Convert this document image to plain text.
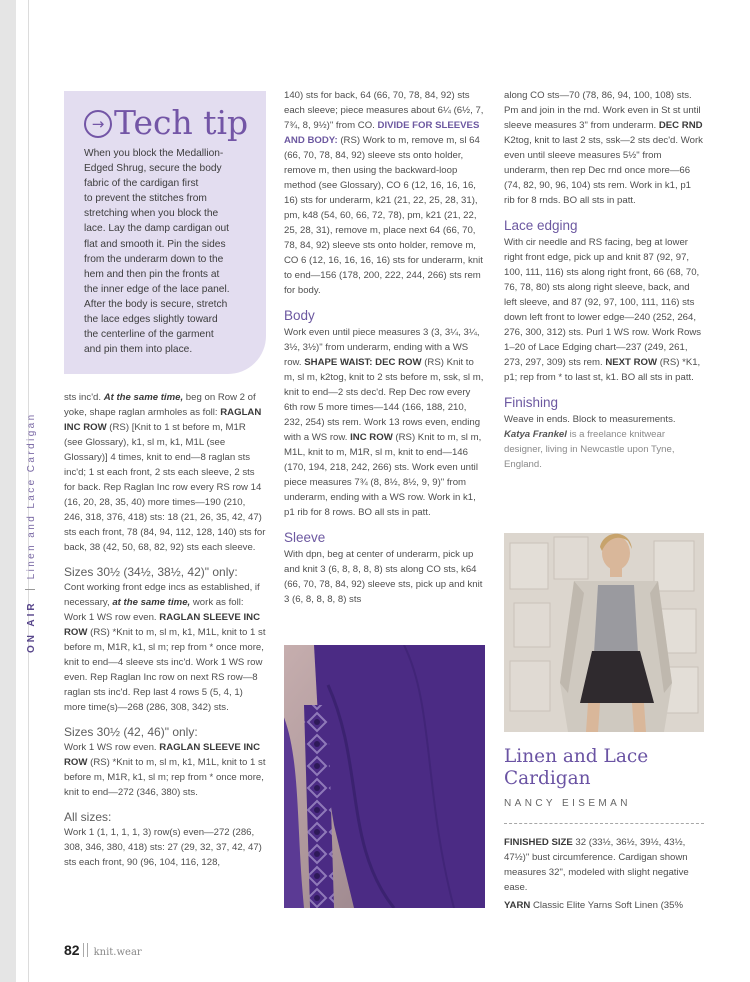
ON AIRLinen and Lace Cardigan
→ Tech tip
When you block the Medallion-
Edged Shrug, secure the body
fabric of the cardigan first
to prevent the stitches from
stretching when you block the
lace. Lay the damp cardigan out
flat and smooth it. Pin the sides
from the underarm down to the
hem and then pin the fronts at
the inner edge of the lace panel.
After the body is secure, stretch
the lace edges slightly toward
the centerline of the garment
and pin them into place.

sts inc'd. At the same time, beg on Row 2 of yoke, shape raglan armholes as foll: RAGLAN INC ROW (RS) [Knit to 1 st before m, M1R (see Glossary), k1, sl m, k1, M1L (see Glossary)] 4 times, knit to end—8 raglan sts inc'd; 1 st each front, 2 sts each sleeve, 2 sts for back. Rep Raglan Inc row every RS row 14 (16, 20, 28, 35, 40) more times—190 (210, 246, 318, 376, 418) sts: 18 (21, 26, 35, 42, 47) sts each front, 78 (84, 94, 112, 128, 140) sts for back, 38 (42, 50, 68, 82, 92) sts each sleeve.

Sizes 30½ (34½, 38½, 42)" only:

Cont working front edge incs as established, if necessary, at the same time, work as foll: Work 1 WS row even. RAGLAN SLEEVE INC ROW (RS) *Knit to m, sl m, k1, M1L, knit to 1 st before m, M1R, k1, sl m; rep from * once more, knit to end—4 sleeve sts inc'd. Work 1 WS row even. Rep Raglan Inc row on next RS row—8 raglan sts inc'd. Rep last 4 rows 5 (5, 4, 1) more time(s)—268 (286, 308, 342) sts.

Sizes 30½ (42, 46)" only:

Work 1 WS row even. RAGLAN SLEEVE INC ROW (RS) *Knit to m, sl m, k1, M1L, knit to 1 st before m, M1R, k1, sl m; rep from * once more, knit to end—272 (346, 380) sts.

All sizes:

Work 1 (1, 1, 1, 1, 3) row(s) even—272 (286, 308, 346, 380, 418) sts: 27 (29, 32, 37, 42, 47) sts each front, 90 (96, 104, 116, 128,

140) sts for back, 64 (66, 70, 78, 84, 92) sts each sleeve; piece measures about 6¼ (6½, 7, 7¾, 8, 9½)" from CO. DIVIDE FOR SLEEVES AND BODY: (RS) Work to m, remove m, sl 64 (66, 70, 78, 84, 92) sleeve sts onto holder, remove m, then using the backward-loop method (see Glossary), CO 6 (12, 16, 16, 16, 16) sts for underarm, k21 (21, 22, 25, 28, 31), pm, k48 (54, 60, 66, 72, 78), pm, k21 (21, 22, 25, 28, 31), remove m, place next 64 (66, 70, 78, 84, 92) sleeve sts onto holder, remove m, CO 6 (12, 16, 16, 16, 16) sts for underarm, knit to end—156 (178, 200, 222, 244, 266) sts rem for body.

Body

Work even until piece measures 3 (3, 3¼, 3¼, 3½, 3½)" from underarm, ending with a WS row. SHAPE WAIST: DEC ROW (RS) Knit to m, sl m, k2tog, knit to 2 sts before m, ssk, sl m, knit to end—2 sts dec'd. Rep Dec row every 6th row 5 more times—144 (166, 188, 210, 232, 254) sts rem. Work 13 rows even, ending with a WS row. INC ROW (RS) Knit to m, sl m, M1L, knit to m, M1R, sl m, knit to end—146 (170, 194, 218, 242, 266) sts. Work even until piece measures 7¾ (8, 8½, 8½, 9, 9)" from underarm, ending with a WS row. Work in k1, p1 rib for 8 rows. BO all sts in patt.

Sleeve

With dpn, beg at center of underarm, pick up and knit 3 (6, 8, 8, 8, 8) sts along CO sts, k64 (66, 70, 78, 84, 92) sleeve sts, pick up and knit 3 (6, 8, 8, 8, 8) sts

along CO sts—70 (78, 86, 94, 100, 108) sts. Pm and join in the rnd. Work even in St st until sleeve measures 3" from underarm. DEC RND K2tog, knit to last 2 sts, ssk—2 sts dec'd. Work even until sleeve measures 5½" from underarm, then rep Dec rnd once more—66 (74, 82, 90, 96, 104) sts rem. Work in k1, p1 rib for 8 rnds. BO all sts in patt.

Lace edging

With cir needle and RS facing, beg at lower right front edge, pick up and knit 87 (92, 97, 100, 111, 116) sts along right front, 66 (68, 70, 76, 78, 80) sts along right sleeve, back, and left sleeve, and 87 (92, 97, 100, 111, 116) sts down left front to lower edge—240 (252, 264, 276, 300, 312) sts. Purl 1 WS row. Work Rows 1–20 of Lace Edging chart—237 (249, 261, 273, 297, 309) sts rem. NEXT ROW (RS) *K1, p1; rep from * to last st, k1. BO all sts in patt.

Finishing

Weave in ends. Block to measurements.

Katya Frankel is a freelance knitwear designer, living in Newcastle upon Tyne, England.

Linen and Lace
Cardigan
NANCY EISEMAN

FINISHED SIZE 32 (33½, 36½, 39½, 43½, 47½)" bust circumference. Cardigan shown measures 32", modeled with slight negative ease.

YARN Classic Elite Yarns Soft Linen (35%

82 knit.wear
